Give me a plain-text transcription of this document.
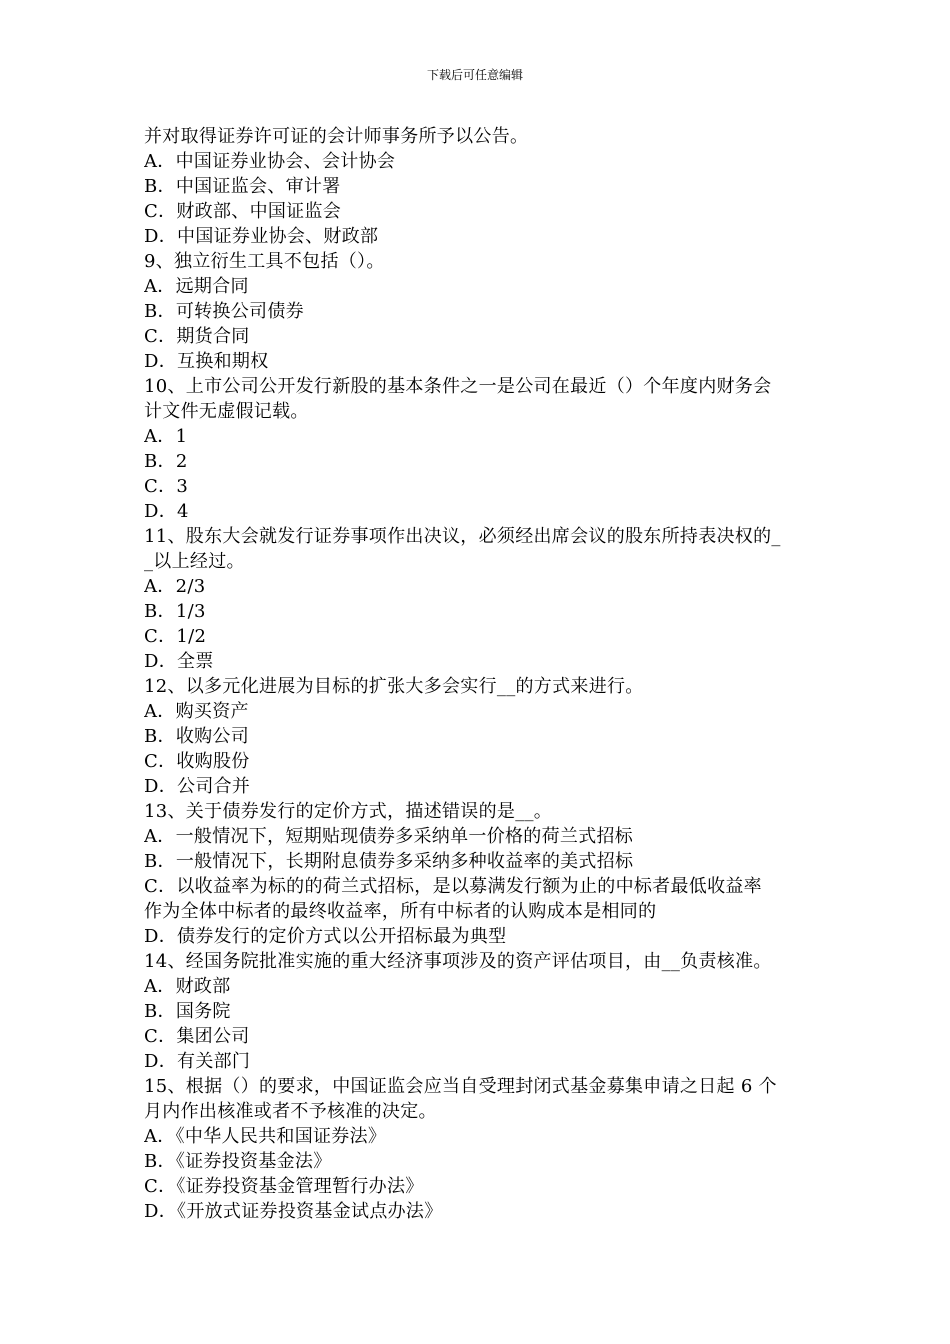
下载后可任意编辑
并对取得证券许可证的会计师事务所予以公告。
A．中国证券业协会、会计协会
B．中国证监会、审计署
C．财政部、中国证监会
D．中国证券业协会、财政部
9、独立衍生工具不包括（）。
A．远期合同
B．可转换公司债券
C．期货合同
D．互换和期权
10、上市公司公开发行新股的基本条件之一是公司在最近（）个年度内财务会
计文件无虚假记载。
A．1
B．2
C．3
D．4
11、股东大会就发行证券事项作出决议，必须经出席会议的股东所持表决权的_
_以上经过。
A．2/3
B．1/3
C．1/2
D．全票
12、以多元化进展为目标的扩张大多会实行__的方式来进行。
A．购买资产
B．收购公司
C．收购股份
D．公司合并
13、关于债券发行的定价方式，描述错误的是__。
A．一般情况下，短期贴现债券多采纳单一价格的荷兰式招标
B．一般情况下，长期附息债券多采纳多种收益率的美式招标
C．以收益率为标的的荷兰式招标，是以募满发行额为止的中标者最低收益率
作为全体中标者的最终收益率，所有中标者的认购成本是相同的
D．债券发行的定价方式以公开招标最为典型
14、经国务院批准实施的重大经济事项涉及的资产评估项目，由__负责核准。
A．财政部
B．国务院
C．集团公司
D．有关部门
15、根据（）的要求，中国证监会应当自受理封闭式基金募集申请之日起 6 个
月内作出核准或者不予核准的决定。
A．《中华人民共和国证券法》
B．《证券投资基金法》
C．《证券投资基金管理暂行办法》
D．《开放式证券投资基金试点办法》
